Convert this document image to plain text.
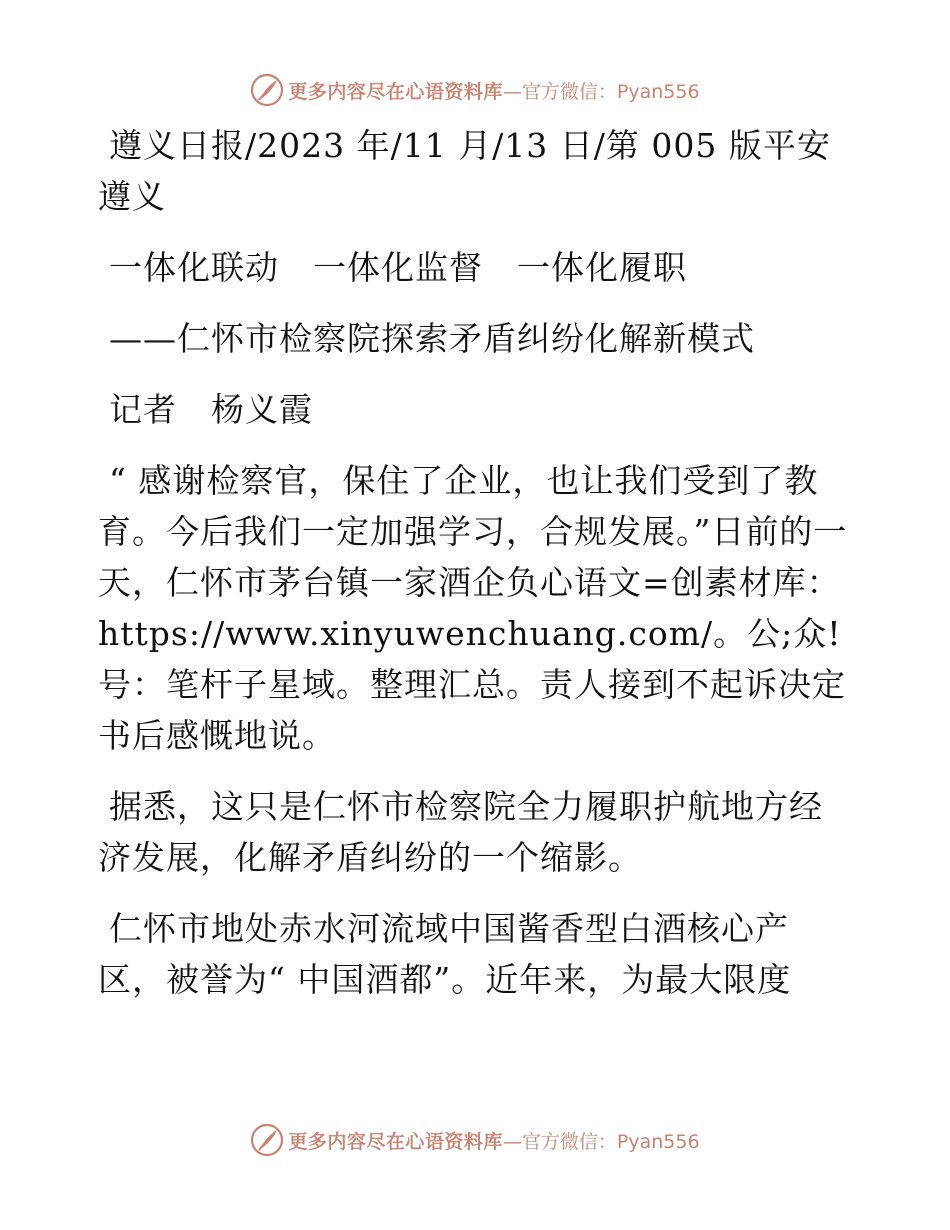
更多内容尽在心语资料库 —官方微信：Pyan556

遵义日报/2023 年/11 月/13 日/第 005 版平安遵义

一体化联动　一体化监督　一体化履职

——仁怀市检察院探索矛盾纠纷化解新模式

记者　杨义霞

“ 感谢检察官，保住了企业，也让我们受到了教育。今后我们一定加强学习，合规发展。”日前的一天，仁怀市茅台镇一家酒企负心语文=创素材库：https://www.xinyuwenchuang.com/。公;众!号：笔杆子星域。整理汇总。责人接到不起诉决定书后感慨地说。

据悉，这只是仁怀市检察院全力履职护航地方经济发展，化解矛盾纠纷的一个缩影。

仁怀市地处赤水河流域中国酱香型白酒核心产区，被誉为“ 中国酒都”。近年来，为最大限度

更多内容尽在心语资料库 —官方微信：Pyan556
